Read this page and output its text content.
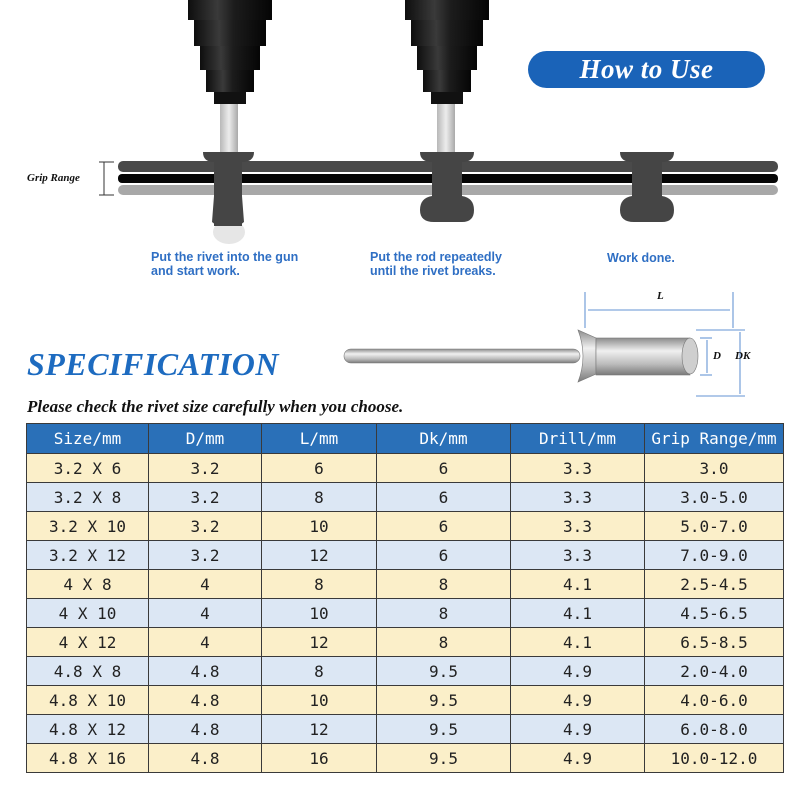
How to Use
Grip Range
Put the rivet into the gun
and start work.
Put the rod repeatedly
until the rivet breaks.
Work done.
L
D DK
SPECIFICATION
Please check the rivet size carefully when you choose.
Size/mm	D/mm	L/mm	Dk/mm	Drill/mm	Grip Range/mm
3.2 X 6	3.2	6	6	3.3	3.0
3.2 X 8	3.2	8	6	3.3	3.0-5.0
3.2 X 10	3.2	10	6	3.3	5.0-7.0
3.2 X 12	3.2	12	6	3.3	7.0-9.0
4 X 8	4	8	8	4.1	2.5-4.5
4 X 10	4	10	8	4.1	4.5-6.5
4 X 12	4	12	8	4.1	6.5-8.5
4.8 X 8	4.8	8	9.5	4.9	2.0-4.0
4.8 X 10	4.8	10	9.5	4.9	4.0-6.0
4.8 X 12	4.8	12	9.5	4.9	6.0-8.0
4.8 X 16	4.8	16	9.5	4.9	10.0-12.0
